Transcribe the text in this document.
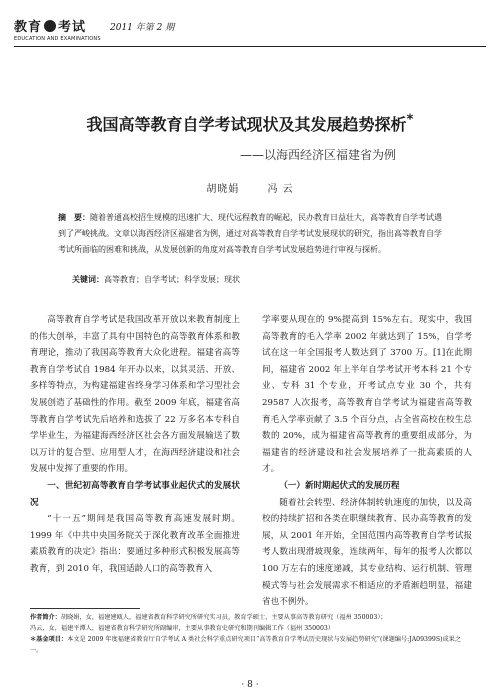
教育 考试
EDUCATION AND EXAMINATIONS
2011 年第 2 期
我国高等教育自学考试现状及其发展趋势探析*
——以海西经济区福建省为例
胡晓娟	冯 云
摘　要：随着普通高校招生规模的迅速扩大、现代远程教育的崛起，民办教育日益壮大，高等教育自学考试遇到了严峻挑战。文章以海西经济区福建省为例，通过对高等教育自学考试发展现状的研究，指出高等教育自学考试所面临的困难和挑战，从发展创新的角度对高等教育自学考试发展趋势进行审视与探析。
关键词：高等教育；自学考试；科学发展；现状

高等教育自学考试是我国改革开放以来教育制度上的伟大创举，丰富了具有中国特色的高等教育体系和教育理论，推动了我国高等教育大众化进程。福建省高等教育自学考试自 1984 年开办以来，以其灵活、开放、多样等特点，为构建福建省终身学习体系和学习型社会发展创造了基础性的作用。截至 2009 年底，福建省高等教育自学考试先后培养和选拔了 22 万多名本专科自学毕业生，为福建海西经济区社会各方面发展输送了数以万计的复合型、应用型人才，在海西经济建设和社会发展中发挥了重要的作用。

一、世纪初高等教育自学考试事业起伏式的发展状况

“十一五”期间是我国高等教育高速发展时期。1999 年《中共中央国务院关于深化教育改革全面推进素质教育的决定》指出：要通过多种形式积极发展高等教育，到 2010 年，我国适龄人口的高等教育入

学率要从现在的 9%提高到 15%左右。现实中，我国高等教育的毛入学率 2002 年就达到了 15%，自学考试在这一年全国报考人数达到了 3700 万。[1]在此期间，福建省 2002 年上半年自学考试开考本科 21 个专业、专科 31 个专业，开考试点专业 30 个，共有 29587 人次报考，高等教育自学考试为福建省高等教育毛入学率贡献了 3.5 个百分点，占全省高校在校生总数的 20%，成为福建省高等教育的重要组成部分，为福建省的经济建设和社会发展培养了一批高素质的人才。

（一）新时期起伏式的发展历程

随着社会转型、经济体制转轨速度的加快，以及高校的持续扩招和各类在职继续教育、民办高等教育的发展，从 2001 年开始，全国范围内高等教育自学考试报考人数出现滑坡现象，连续两年，每年的报考人次都以 100 万左右的速度递减，其专业结构、运行机制、管理模式等与社会发展需求不相适应的矛盾渐趋明显，福建省也不例外。

作者简介：胡晓娟，女，福建建瓯人，福建省教育科学研究所研究实习员，教育学硕士，主要从事高等教育研究（福州 350003）；

冯云，女，福建平潭人，福建省教育科学研究所副编审，主要从事教育史研究和期刊编辑工作（福州 350003）

＊基金项目：本文是 2009 年度福建省教育厅自学考试 A 类社会科学重点研究项目“高等教育自学考试历史现状与发展趋势研究”(课题编号:JA09399S)成果之一。

· 8 ·
